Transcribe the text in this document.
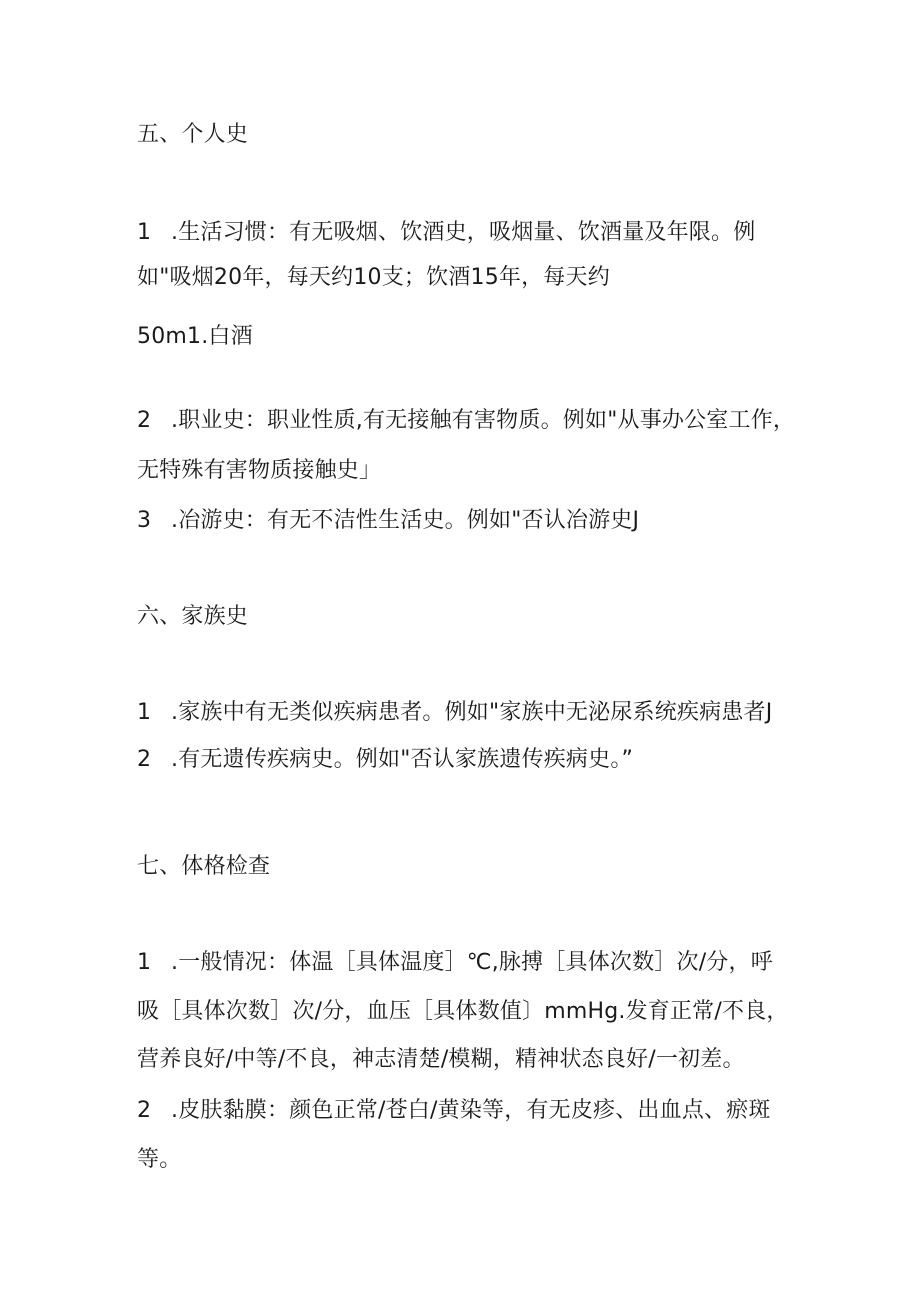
五、个人史
1 .生活习惯：有无吸烟、饮酒史，吸烟量、饮酒量及年限。例
如"吸烟20年，每天约10支；饮酒15年，每天约
50m1.白酒
2 .职业史：职业性质,有无接触有害物质。例如"从事办公室工作，
无特殊有害物质接触史」
3 .冶游史：有无不洁性生活史。例如"否认冶游史J
六、家族史
1 .家族中有无类似疾病患者。例如"家族中无泌尿系统疾病患者J
2 .有无遗传疾病史。例如"否认家族遗传疾病史。”
七、体格检查
1 .一般情况：体温［具体温度］℃,脉搏［具体次数］次/分，呼
吸［具体次数］次/分，血压［具体数值〕mmHg.发育正常/不良，
营养良好/中等/不良，神志清楚/模糊，精神状态良好/一初差。
2 .皮肤黏膜：颜色正常/苍白/黄染等，有无皮疹、出血点、瘀斑
等。
